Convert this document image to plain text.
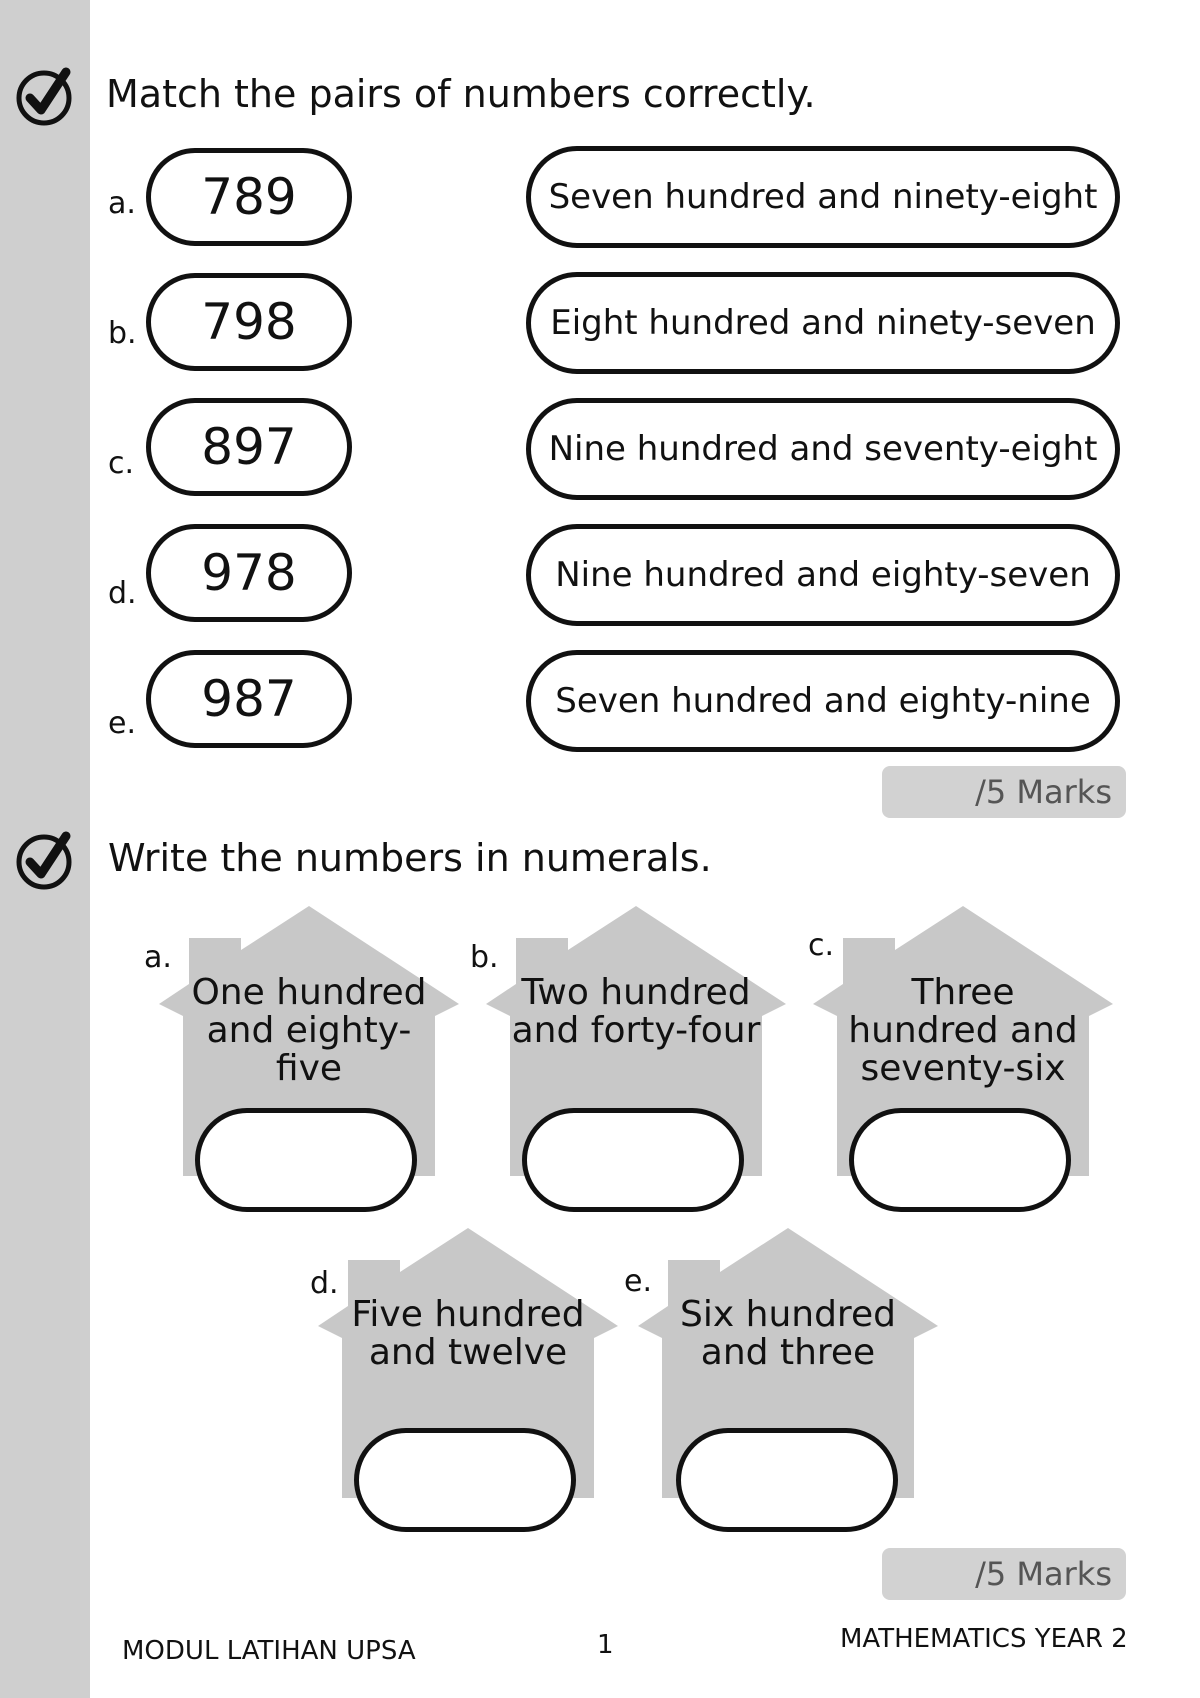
Match the pairs of numbers correctly.
a.	789	Seven hundred and ninety-eight
b.	798	Eight hundred and ninety-seven
c.	897	Nine hundred and seventy-eight
d.	978	Nine hundred and eighty-seven
e.	987	Seven hundred and eighty-nine
/5 Marks
Write the numbers in numerals.
a.
One hundred and eighty-five
b.
Two hundred and forty-four
c.
Three hundred and seventy-six
d.
Five hundred and twelve
e.
Six hundred and three
/5 Marks
MODUL LATIHAN UPSA	1	MATHEMATICS YEAR 2
